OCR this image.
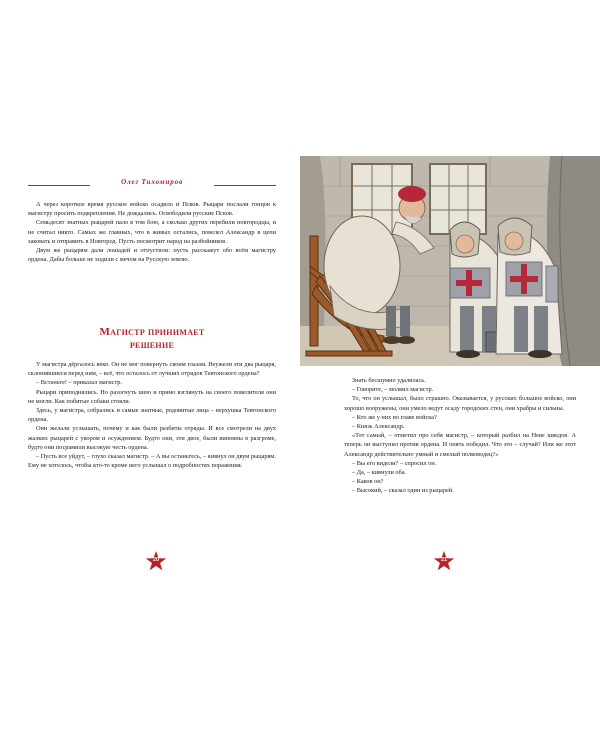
Олег Тихомиров

А через короткое время русское войско осадило и Псков. Рыцари послали гонцов к магистру просить подкрепления. Не дождались. Освободили русские Псков.

Семьдесят знатных рыцарей пало в том бою, а сколько других перебили новгородцы, и не считал никто. Самых же главных, что в живых остались, повелел Александр в цепи заковать и отправить в Новгород. Пусть посмотрит народ на разбойников.

Двум же рыцарям дали лошадей и отпустили: пусть расскажут обо всём магистру ордена. Дабы больше не ходили с мечом на Русскую землю.

Магистр принимает
решение

У магистра дёргалось веко. Он не мог повернуть своим глазам. Неужели эти два рыцаря, склонившиеся перед ним, – всё, что осталось от лучших отрядов Тевтонского ордена?

– Встаньте! – приказал магистр.

Рыцари приподнялись. Но разогнуть шею и прямо взглянуть на своего повелителя они не могли. Как побитые собаки стояли.

Здесь, у магистра, собрались и самые знатные, родовитые лица – верхушка Тевтонского ордена.

Они желали услышать, почему и как были разбиты отряды. И все смотрели на двух жалких рыцарей с укором и осуждением. Будто они, эти двое, были виновны в разгроме, будто они посрамили высокую честь ордена.

– Пусть все уйдут, – глухо сказал магистр. – А вы останьтесь, – кивнул он двум рыцарям. Ему не хотелось, чтобы кто-то кроме него услышал о подробностях поражения.

20

Знать бесшумно удалилась.

– Говорите, – молвил магистр.

То, что он услышал, было страшно. Оказывается, у русских большое войско, они хорошо вооружены, они умело ведут осаду городских стен, они храбры и сильны.

– Кто же у них во главе войска?

– Князь Александр.

«Тот самый, – отметил про себя магистр, – который разбил на Неве шведов. А теперь он выступил против ордена. И опять победил. Что это – случай? Или же этот Александр действительно умный и смелый полководец?»

– Вы его видели? – спросил он.

– Да, – кивнули оба.

– Каков он?

– Высокий, – сказал один из рыцарей.

21
